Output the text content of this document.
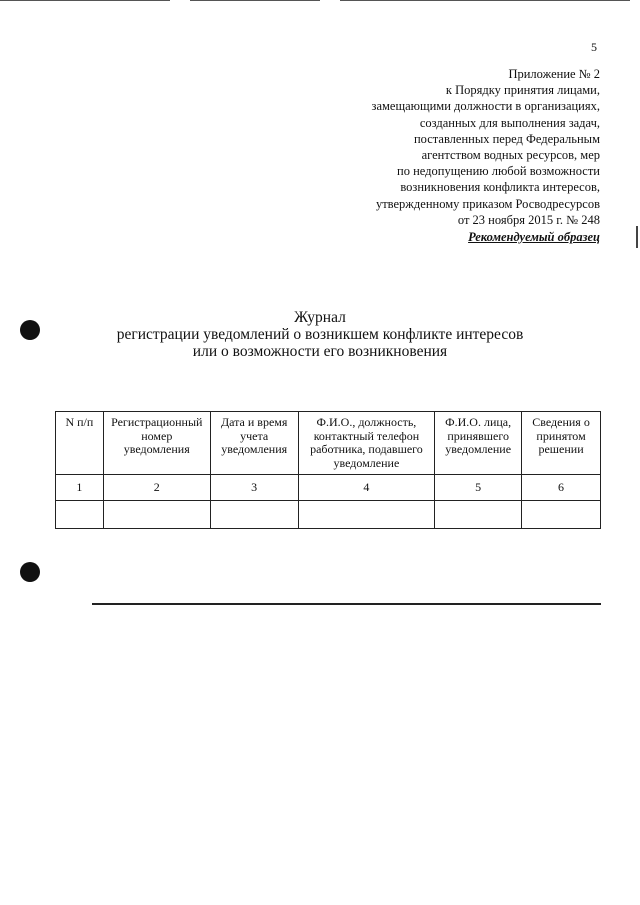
5
Приложение № 2
к Порядку принятия лицами,
замещающими должности в организациях,
созданных для выполнения задач,
поставленных перед Федеральным
агентством водных ресурсов, мер
по недопущению любой возможности
возникновения конфликта интересов,
утвержденному приказом Росводресурсов
от 23 ноября 2015 г. № 248
Рекомендуемый образец
Журнал
регистрации уведомлений о возникшем конфликте интересов
или о возможности его возникновения
N п/п	Регистрационный номер уведомления	Дата и время учета уведомления	Ф.И.О., должность, контактный телефон работника, подавшего уведомление	Ф.И.О. лица, принявшего уведомление	Сведения о принятом решении
1	2	3	4	5	6
